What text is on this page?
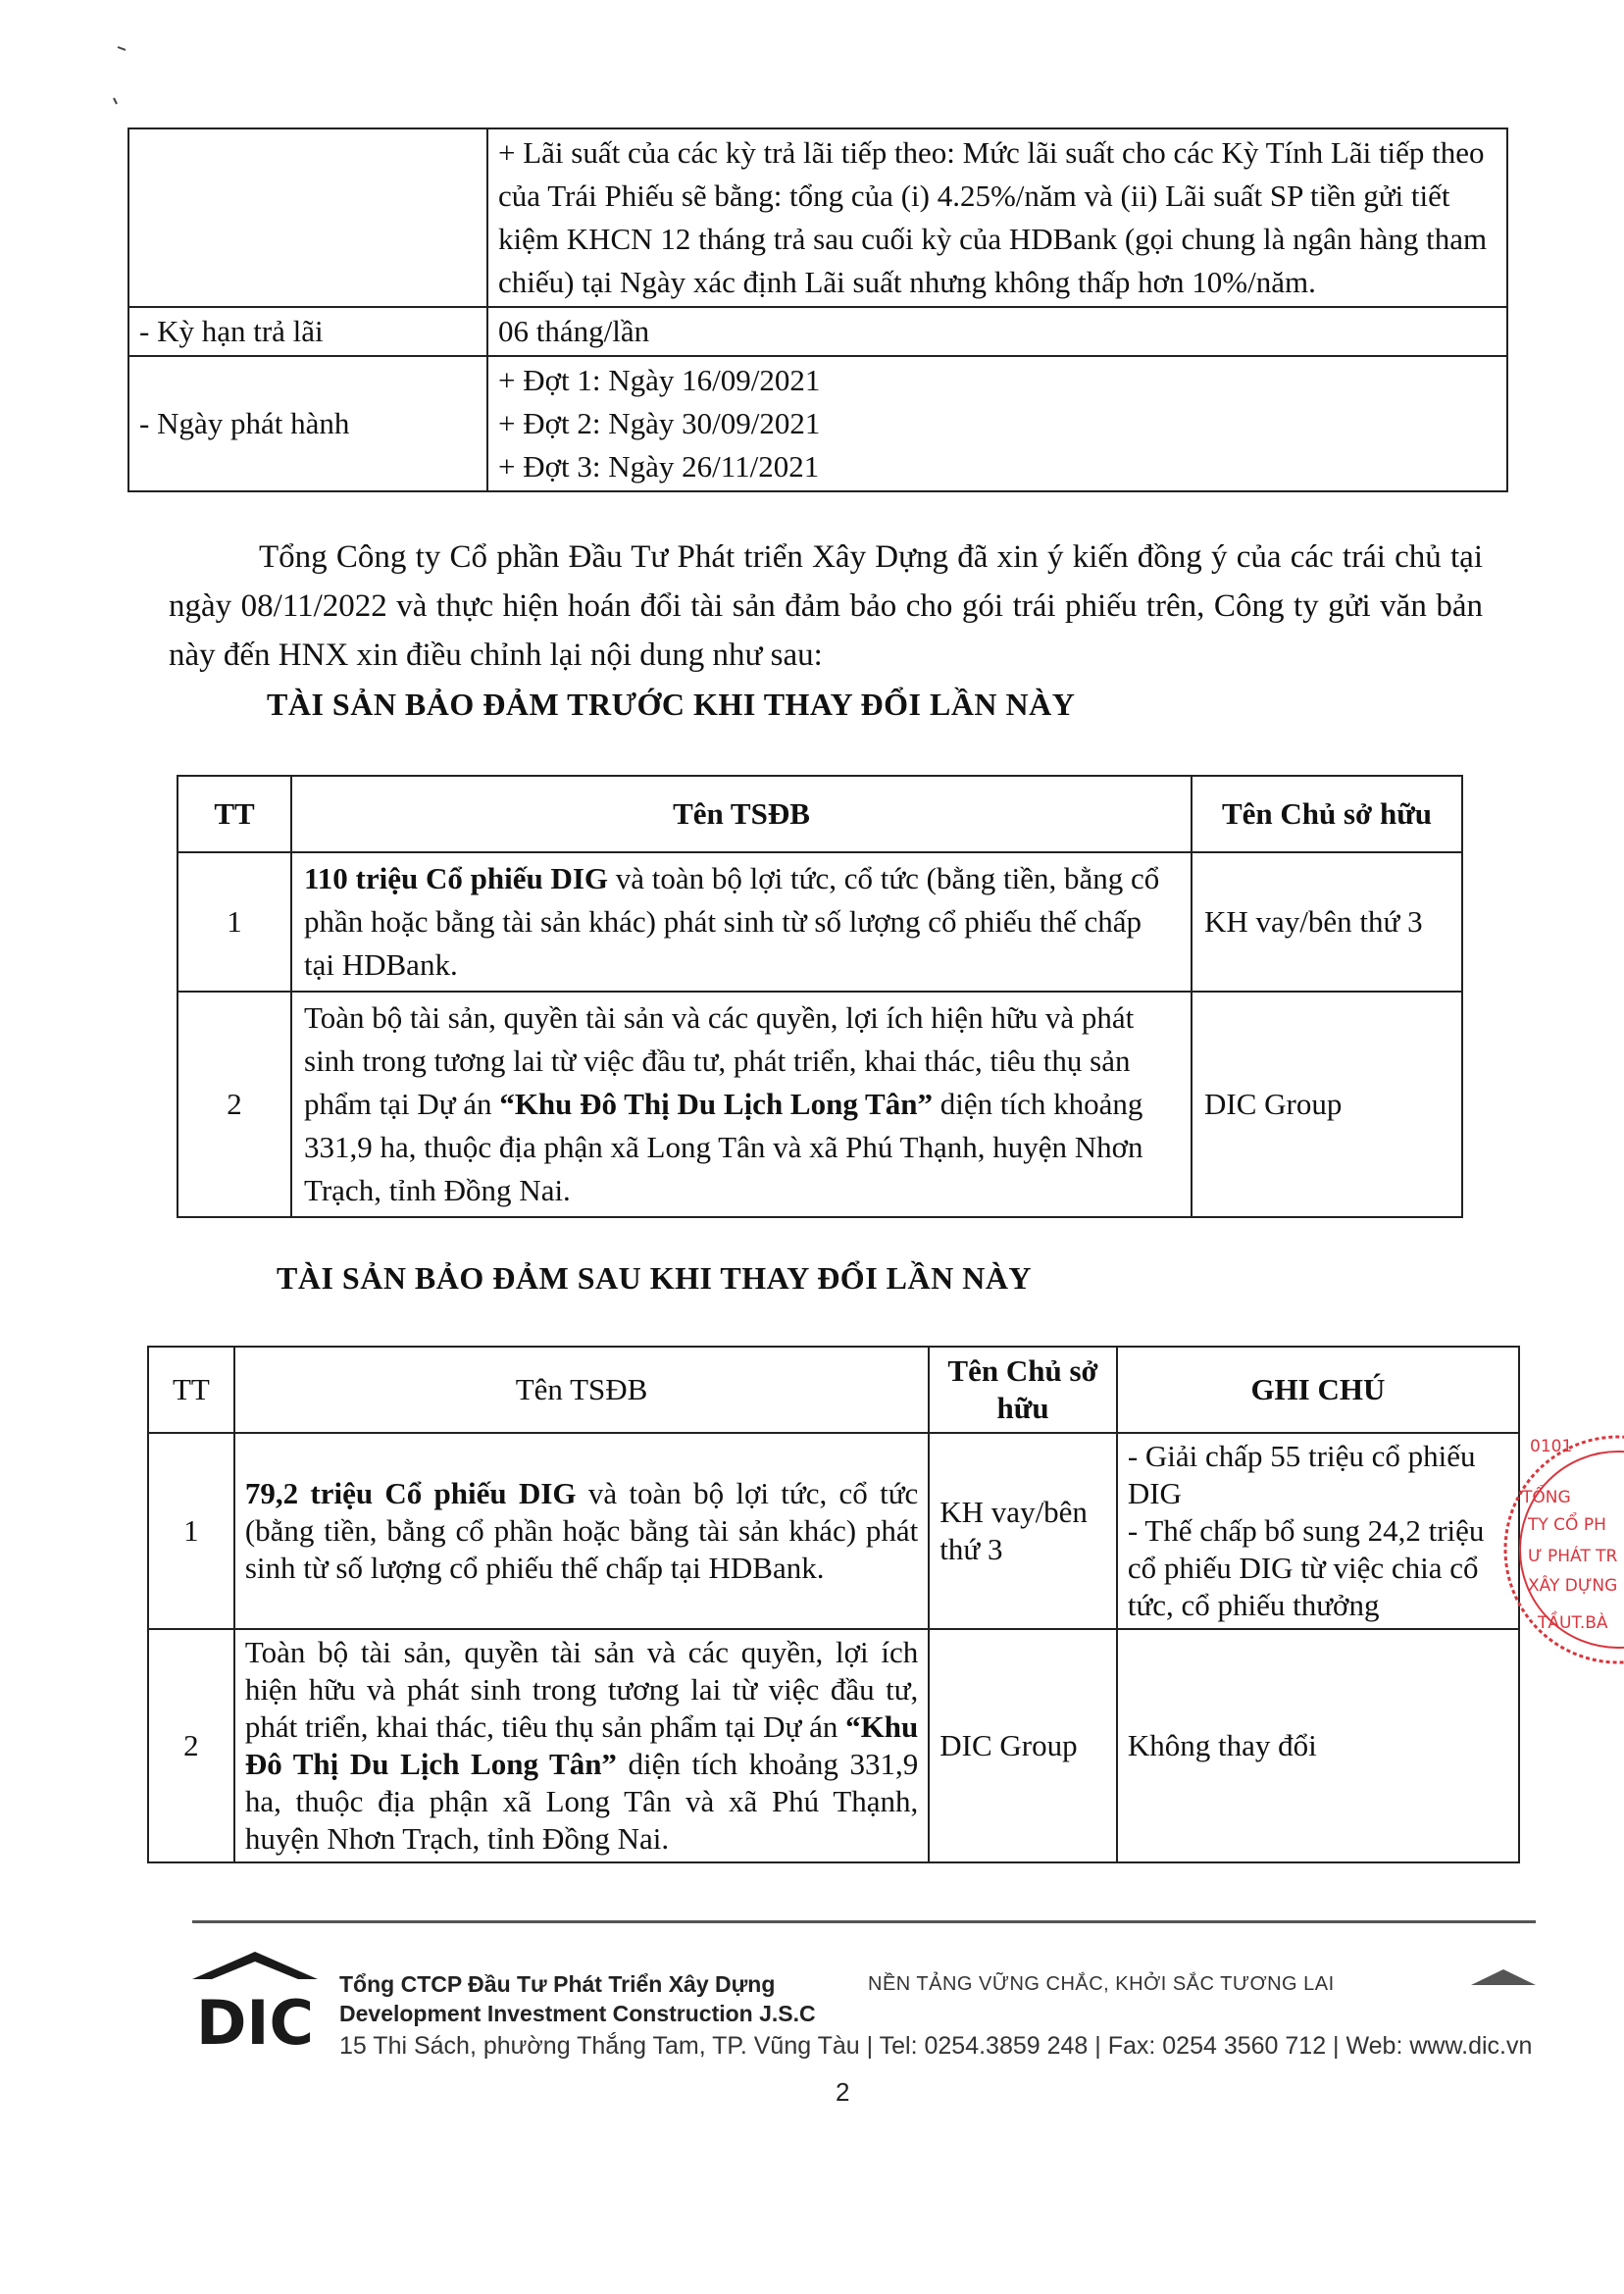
	+ Lãi suất của các kỳ trả lãi tiếp theo: Mức lãi suất cho các Kỳ Tính Lãi tiếp theo của Trái Phiếu sẽ bằng: tổng của (i) 4.25%/năm và (ii) Lãi suất SP tiền gửi tiết kiệm KHCN 12 tháng trả sau cuối kỳ của HDBank (gọi chung là ngân hàng tham chiếu) tại Ngày xác định Lãi suất nhưng không thấp hơn 10%/năm.

- Kỳ hạn trả lãi	06 tháng/lần
- Ngày phát hành	+ Đợt 1: Ngày 16/09/2021
+ Đợt 2: Ngày 30/09/2021
+ Đợt 3: Ngày 26/11/2021

Tổng Công ty Cổ phần Đầu Tư Phát triển Xây Dựng đã xin ý kiến đồng ý của các trái chủ tại ngày 08/11/2022 và thực hiện hoán đổi tài sản đảm bảo cho gói trái phiếu trên, Công ty gửi văn bản này đến HNX xin điều chỉnh lại nội dung như sau:

TÀI SẢN BẢO ĐẢM TRƯỚC KHI THAY ĐỔI LẦN NÀY
TT	Tên TSĐB	Tên Chủ sở hữu
1	110 triệu Cổ phiếu DIG và toàn bộ lợi tức, cổ tức (bằng tiền, bằng cổ phần hoặc bằng tài sản khác) phát sinh từ số lượng cổ phiếu thế chấp tại HDBank.	KH vay/bên thứ 3
2	Toàn bộ tài sản, quyền tài sản và các quyền, lợi ích hiện hữu và phát sinh trong tương lai từ việc đầu tư, phát triển, khai thác, tiêu thụ sản phẩm tại Dự án “Khu Đô Thị Du Lịch Long Tân” diện tích khoảng 331,9 ha, thuộc địa phận xã Long Tân và xã Phú Thạnh, huyện Nhơn Trạch, tỉnh Đồng Nai.	DIC Group
TÀI SẢN BẢO ĐẢM SAU KHI THAY ĐỔI LẦN NÀY
TT	Tên TSĐB	Tên Chủ sở hữu	GHI CHÚ
1	79,2 triệu Cổ phiếu DIG và toàn bộ lợi tức, cổ tức (bằng tiền, bằng cổ phần hoặc bằng tài sản khác) phát sinh từ số lượng cổ phiếu thế chấp tại HDBank.	KH vay/bên thứ 3	- Giải chấp 55 triệu cổ phiếu DIG
- Thế chấp bổ sung 24,2 triệu cổ phiếu DIG từ việc chia cổ tức, cổ phiếu thưởng

2	Toàn bộ tài sản, quyền tài sản và các quyền, lợi ích hiện hữu và phát sinh trong tương lai từ việc đầu tư, phát triển, khai thác, tiêu thụ sản phẩm tại Dự án “Khu Đô Thị Du Lịch Long Tân” diện tích khoảng 331,9 ha, thuộc địa phận xã Long Tân và xã Phú Thạnh, huyện Nhơn Trạch, tỉnh Đồng Nai.	DIC Group	Không thay đổi
0101
TỔNG
TY CỔ PH
Ư PHÁT TR
XÂY DỰNG
TẦUT.BÀ
DIC
Tổng CTCP Đầu Tư Phát Triển Xây Dựng
Development Investment Construction J.S.C
15 Thi Sách, phường Thắng Tam, TP. Vũng Tàu | Tel: 0254.3859 248 | Fax: 0254 3560 712 | Web: www.dic.vn
NỀN TẢNG VỮNG CHẮC, KHỞI SẮC TƯƠNG LAI
2
